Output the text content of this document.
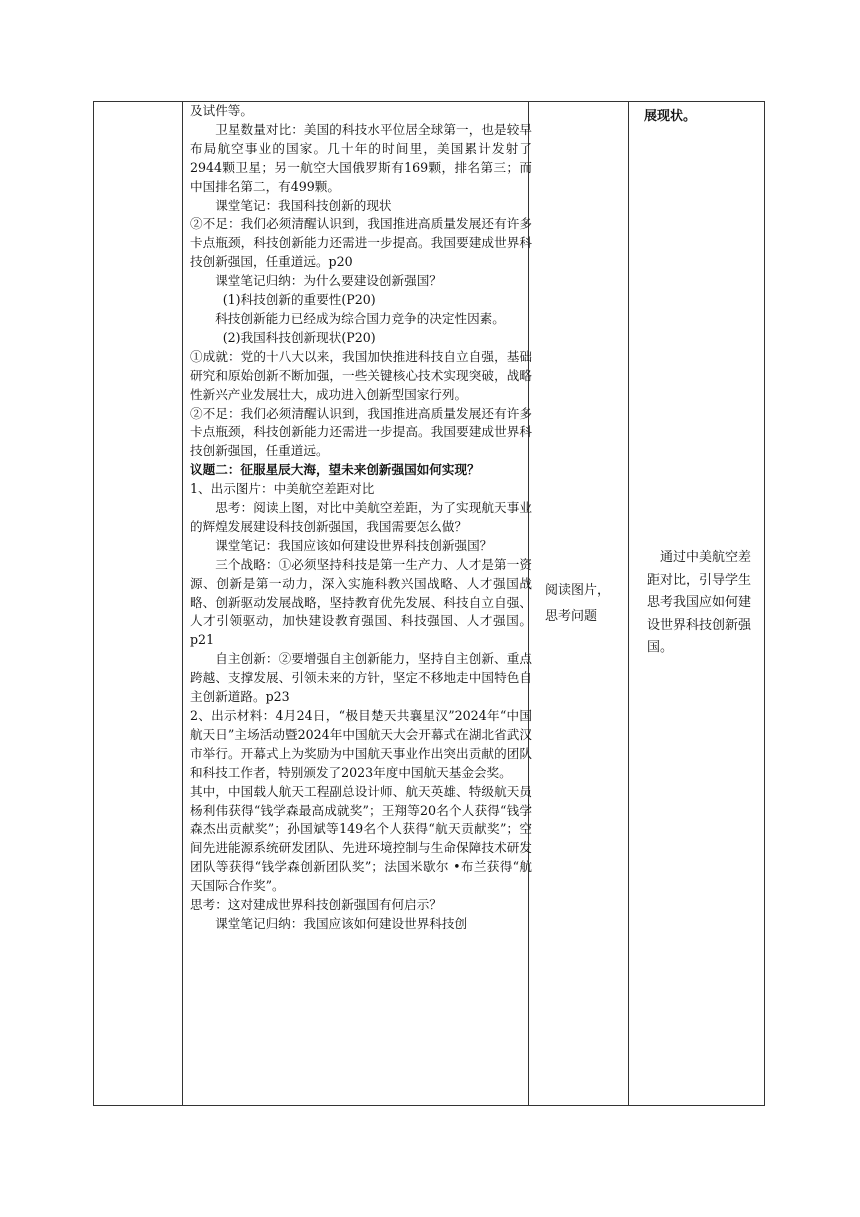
及试件等。

卫星数量对比：美国的科技水平位居全球第一，也是较早布局航空事业的国家。几十年的时间里，美国累计发射了2944颗卫星；另一航空大国俄罗斯有169颗，排名第三；而中国排名第二，有499颗。

课堂笔记：我国科技创新的现状

②不足：我们必须清醒认识到，我国推进高质量发展还有许多卡点瓶颈，科技创新能力还需进一步提高。我国要建成世界科技创新强国，任重道远。p20

课堂笔记归纳：为什么要建设创新强国？

(1)科技创新的重要性(P20)

科技创新能力已经成为综合国力竞争的决定性因素。

(2)我国科技创新现状(P20)

①成就：党的十八大以来，我国加快推进科技自立自强，基础研究和原始创新不断加强，一些关键核心技术实现突破，战略性新兴产业发展壮大，成功进入创新型国家行列。

②不足：我们必须清醒认识到，我国推进高质量发展还有许多卡点瓶颈，科技创新能力还需进一步提高。我国要建成世界科技创新强国，任重道远。

议题二：征服星辰大海，望未来创新强国如何实现？

1、出示图片：中美航空差距对比

思考：阅读上图，对比中美航空差距，为了实现航天事业的辉煌发展建设科技创新强国，我国需要怎么做？

课堂笔记：我国应该如何建设世界科技创新强国？

三个战略：①必须坚持科技是第一生产力、人才是第一资源、创新是第一动力，深入实施科教兴国战略、人才强国战略、创新驱动发展战略，坚持教育优先发展、科技自立自强、人才引领驱动，加快建设教育强国、科技强国、人才强国。p21

自主创新：②要增强自主创新能力，坚持自主创新、重点跨越、支撑发展、引领未来的方针，坚定不移地走中国特色自主创新道路。p23

2、出示材料：4月24日，“极目楚天共襄星汉”2024年“中国航天日”主场活动暨2024年中国航天大会开幕式在湖北省武汉市举行。开幕式上为奖励为中国航天事业作出突出贡献的团队和科技工作者，特别颁发了2023年度中国航天基金会奖。

其中，中国载人航天工程副总设计师、航天英雄、特级航天员杨利伟获得“钱学森最高成就奖”；王翔等20名个人获得“钱学森杰出贡献奖”；孙国斌等149名个人获得“航天贡献奖”；空间先进能源系统研发团队、先进环境控制与生命保障技术研发团队等获得“钱学森创新团队奖”；法国米歇尔 •布兰获得“航天国际合作奖”。

思考：这对建成世界科技创新强国有何启示？

课堂笔记归纳：我国应该如何建设世界科技创

阅读图片，思考问题
展现状。
通过中美航空差距对比，引导学生思考我国应如何建设世界科技创新强国。
